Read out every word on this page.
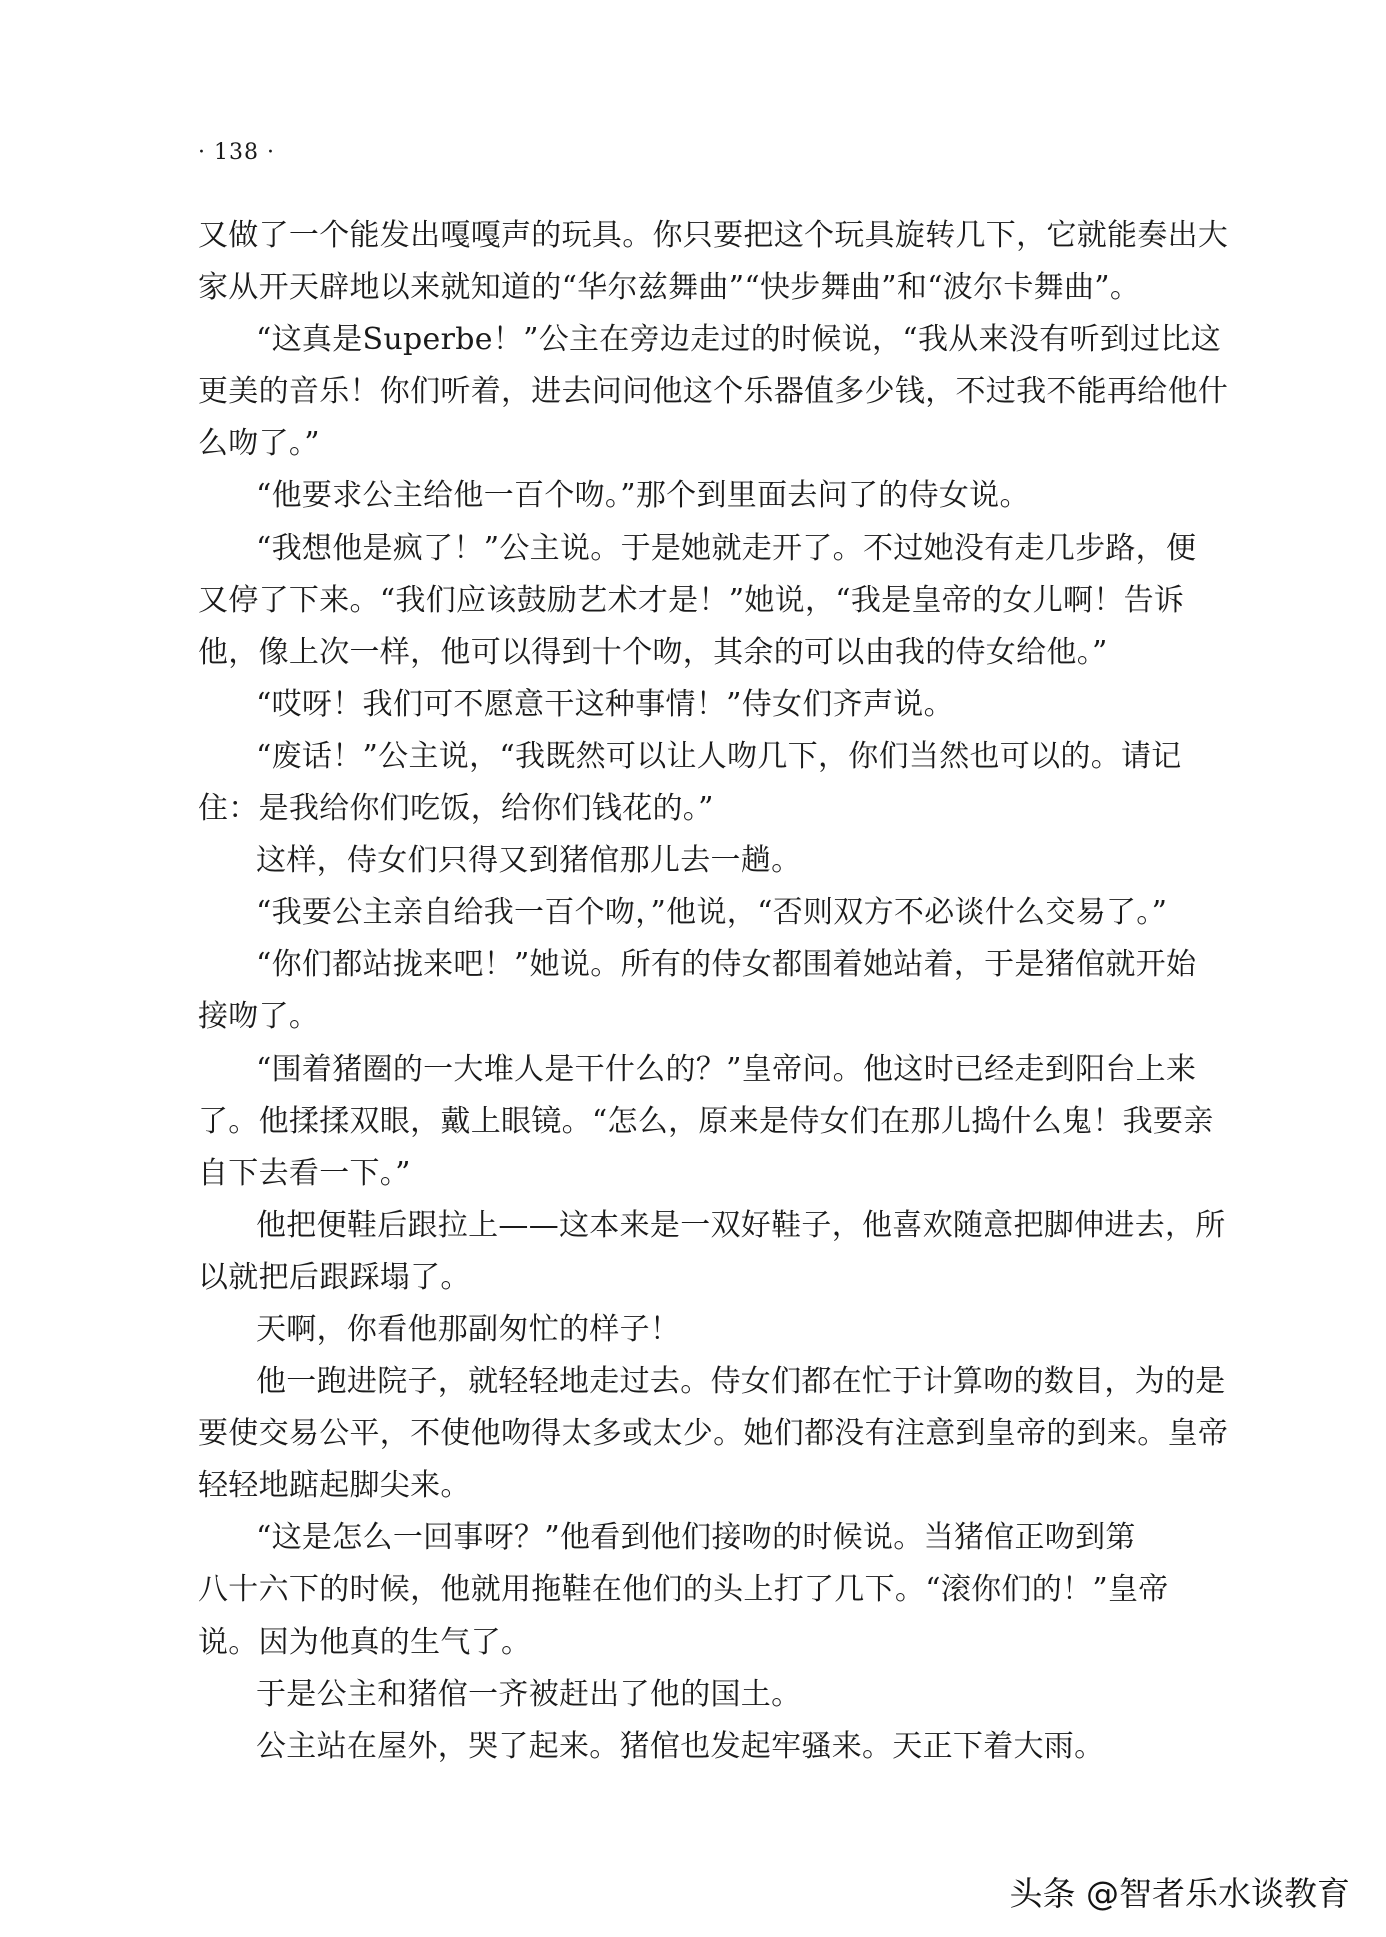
· 138 ·
又做了一个能发出嘎嘎声的玩具。你只要把这个玩具旋转几下，它就能奏出大
家从开天辟地以来就知道的“华尔兹舞曲”“快步舞曲”和“波尔卡舞曲”。
“这真是Superbe！”公主在旁边走过的时候说，“我从来没有听到过比这
更美的音乐！你们听着，进去问问他这个乐器值多少钱，不过我不能再给他什
么吻了。”
“他要求公主给他一百个吻。”那个到里面去问了的侍女说。
“我想他是疯了！”公主说。于是她就走开了。不过她没有走几步路，便
又停了下来。“我们应该鼓励艺术才是！”她说，“我是皇帝的女儿啊！告诉
他，像上次一样，他可以得到十个吻，其余的可以由我的侍女给他。”
“哎呀！我们可不愿意干这种事情！”侍女们齐声说。
“废话！”公主说，“我既然可以让人吻几下，你们当然也可以的。请记
住：是我给你们吃饭，给你们钱花的。”
这样，侍女们只得又到猪倌那儿去一趟。
“我要公主亲自给我一百个吻，”他说，“否则双方不必谈什么交易了。”
“你们都站拢来吧！”她说。所有的侍女都围着她站着，于是猪倌就开始
接吻了。
“围着猪圈的一大堆人是干什么的？”皇帝问。他这时已经走到阳台上来
了。他揉揉双眼，戴上眼镜。“怎么，原来是侍女们在那儿捣什么鬼！我要亲
自下去看一下。”
他把便鞋后跟拉上——这本来是一双好鞋子，他喜欢随意把脚伸进去，所
以就把后跟踩塌了。
天啊，你看他那副匆忙的样子！
他一跑进院子，就轻轻地走过去。侍女们都在忙于计算吻的数目，为的是
要使交易公平，不使他吻得太多或太少。她们都没有注意到皇帝的到来。皇帝
轻轻地踮起脚尖来。
“这是怎么一回事呀？”他看到他们接吻的时候说。当猪倌正吻到第
八十六下的时候，他就用拖鞋在他们的头上打了几下。“滚你们的！”皇帝
说。因为他真的生气了。
于是公主和猪倌一齐被赶出了他的国土。
公主站在屋外，哭了起来。猪倌也发起牢骚来。天正下着大雨。
头条 @智者乐水谈教育
